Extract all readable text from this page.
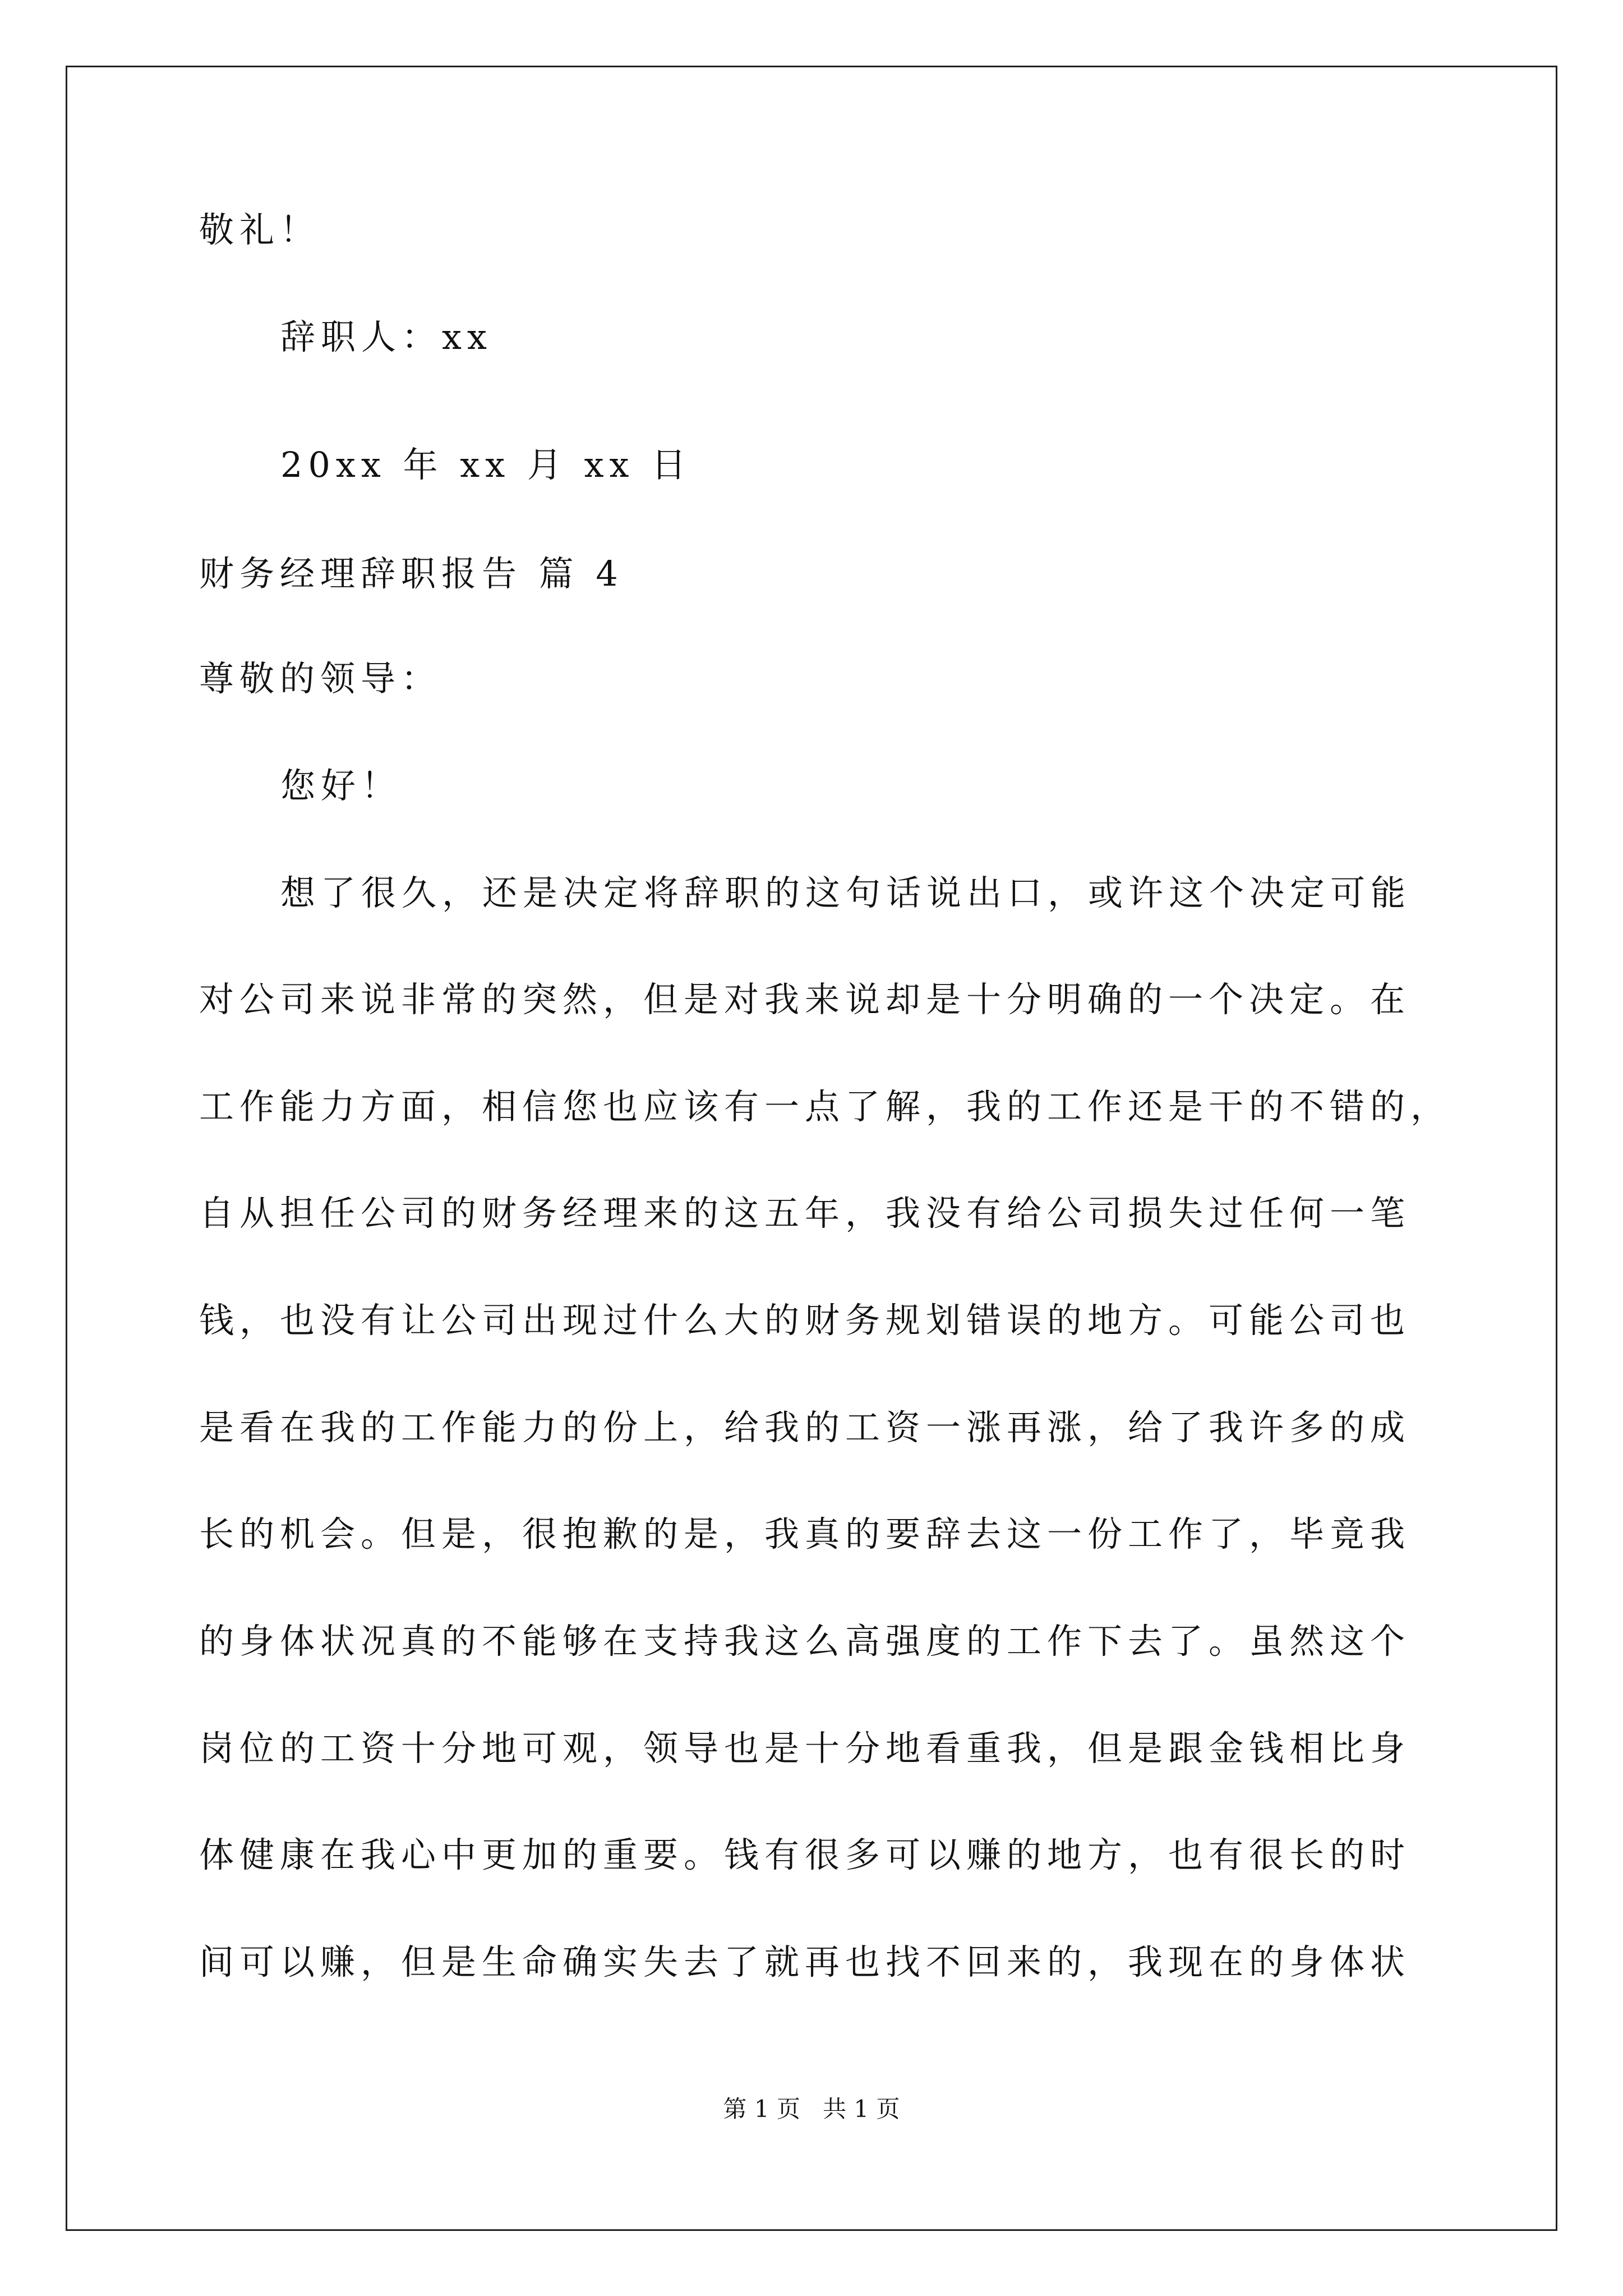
敬礼！
辞职人：xx
20xx 年 xx 月 xx 日
财务经理辞职报告 篇 4
尊敬的领导：
您好！
想了很久，还是决定将辞职的这句话说出口，或许这个决定可能
对公司来说非常的突然，但是对我来说却是十分明确的一个决定。在
工作能力方面，相信您也应该有一点了解，我的工作还是干的不错的，
自从担任公司的财务经理来的这五年，我没有给公司损失过任何一笔
钱，也没有让公司出现过什么大的财务规划错误的地方。可能公司也
是看在我的工作能力的份上，给我的工资一涨再涨，给了我许多的成
长的机会。但是，很抱歉的是，我真的要辞去这一份工作了，毕竟我
的身体状况真的不能够在支持我这么高强度的工作下去了。虽然这个
岗位的工资十分地可观，领导也是十分地看重我，但是跟金钱相比身
体健康在我心中更加的重要。钱有很多可以赚的地方，也有很长的时
间可以赚，但是生命确实失去了就再也找不回来的，我现在的身体状
第 1 页   共 1 页
